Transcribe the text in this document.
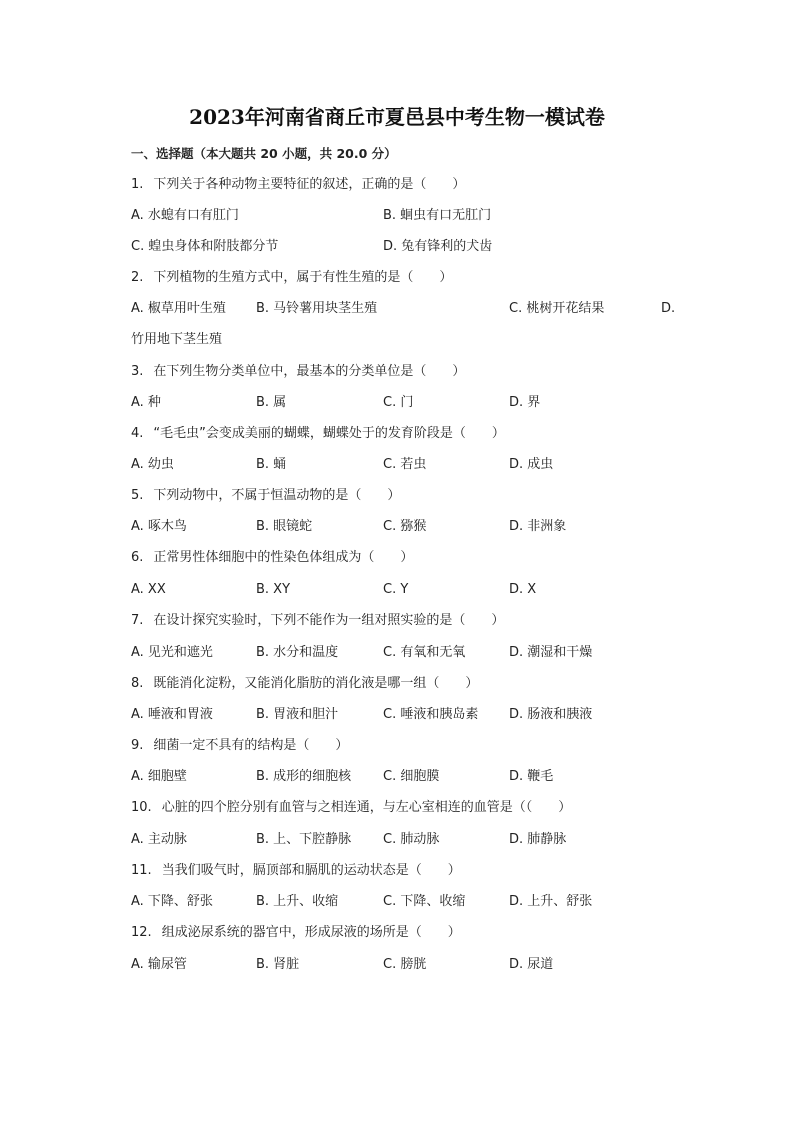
2023年河南省商丘市夏邑县中考生物一模试卷
一、选择题（本大题共 20 小题，共 20.0 分）
1. 下列关于各种动物主要特征的叙述，正确的是（　　）
A. 水螅有口有肛门	B. 蛔虫有口无肛门
C. 蝗虫身体和附肢都分节	D. 兔有锋利的犬齿
2. 下列植物的生殖方式中，属于有性生殖的是（　　）
A. 椒草用叶生殖 B. 马铃薯用块茎生殖	C. 桃树开花结果	D.
竹用地下茎生殖
3. 在下列生物分类单位中，最基本的分类单位是（　　）
A. 种	B. 属	C. 门	D. 界
4. “毛毛虫”会变成美丽的蝴蝶，蝴蝶处于的发育阶段是（　　）
A. 幼虫	B. 蛹	C. 若虫	D. 成虫
5. 下列动物中，不属于恒温动物的是（　　）
A. 啄木鸟	B. 眼镜蛇	C. 猕猴	D. 非洲象
6. 正常男性体细胞中的性染色体组成为（　　）
A. XX	B. XY	C. Y	D. X
7. 在设计探究实验时，下列不能作为一组对照实验的是（　　）
A. 见光和遮光	B. 水分和温度	C. 有氧和无氧	D. 潮湿和干燥
8. 既能消化淀粉，又能消化脂肪的消化液是哪一组（　　）
A. 唾液和胃液	B. 胃液和胆汁	C. 唾液和胰岛素 D. 肠液和胰液
9. 细菌一定不具有的结构是（　　）
A. 细胞壁	B. 成形的细胞核 C. 细胞膜	D. 鞭毛
10. 心脏的四个腔分别有血管与之相连通，与左心室相连的血管是（（　　）
A. 主动脉	B. 上、下腔静脉 C. 肺动脉	D. 肺静脉
11. 当我们吸气时，膈顶部和膈肌的运动状态是（　　）
A. 下降、舒张	B. 上升、收缩	C. 下降、收缩	D. 上升、舒张
12. 组成泌尿系统的器官中，形成尿液的场所是（　　）
A. 输尿管	B. 肾脏	C. 膀胱	D. 尿道
